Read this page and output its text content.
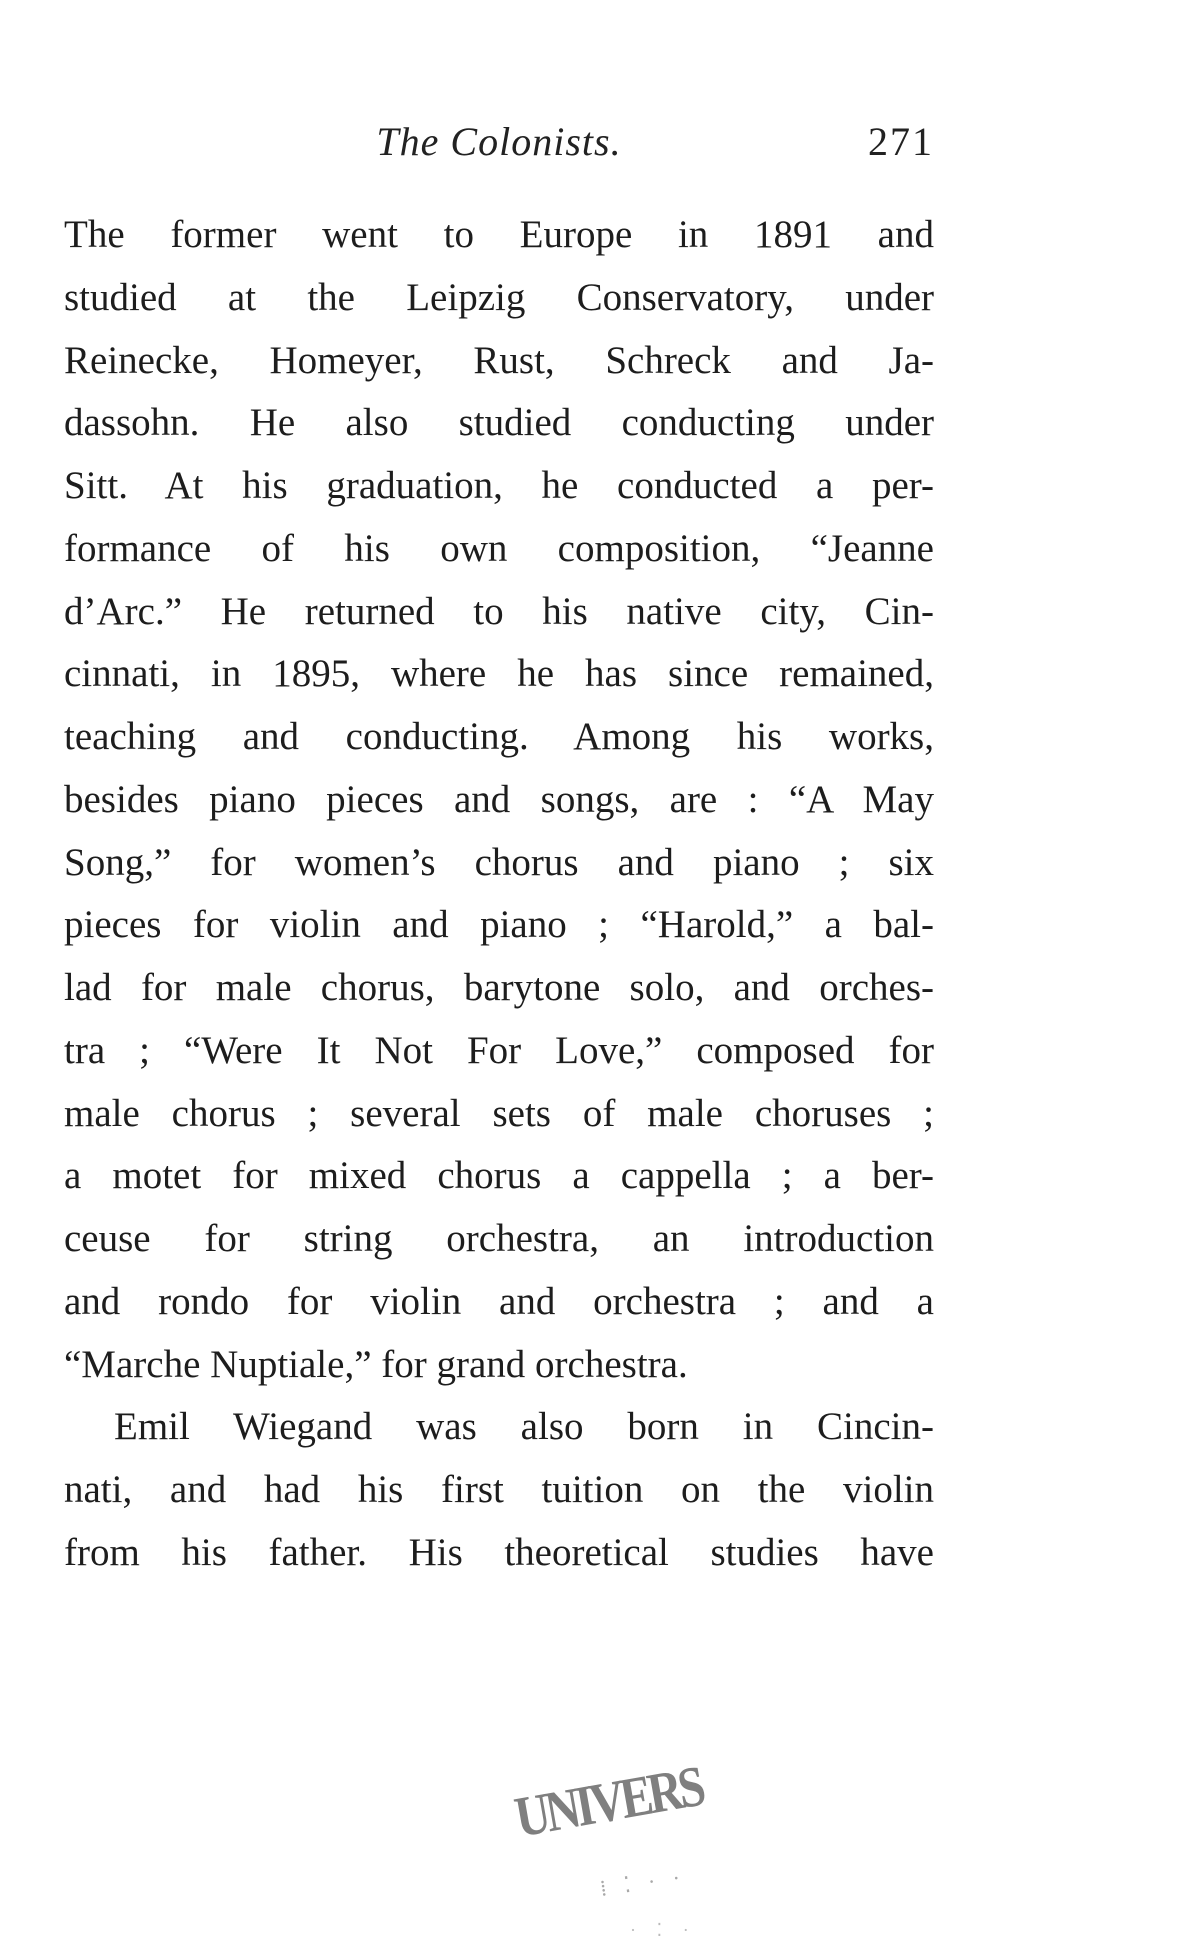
The Colonists.	271
The former went to Europe in 1891 and
studied at the Leipzig Conservatory, under
Reinecke, Homeyer, Rust, Schreck and Ja-
dassohn. He also studied conducting under
Sitt. At his graduation, he conducted a per-
formance of his own composition, “Jeanne
d’Arc.” He returned to his native city, Cin-
cinnati, in 1895, where he has since remained,
teaching and conducting. Among his works,
besides piano pieces and songs, are : “A May
Song,” for women’s chorus and piano ; six
pieces for violin and piano ; “Harold,” a bal-
lad for male chorus, barytone solo, and orches-
tra ; “Were It Not For Love,” composed for
male chorus ; several sets of male choruses ;
a motet for mixed chorus a cappella ; a ber-
ceuse for string orchestra, an introduction
and rondo for violin and orchestra ; and a
“Marche Nuptiale,” for grand orchestra.
Emil Wiegand was also born in Cincin-
nati, and had his first tuition on the violin
from his father. His theoretical studies have
UNIVERS
⁞ ⁚ · ·
· ⁚ ·
